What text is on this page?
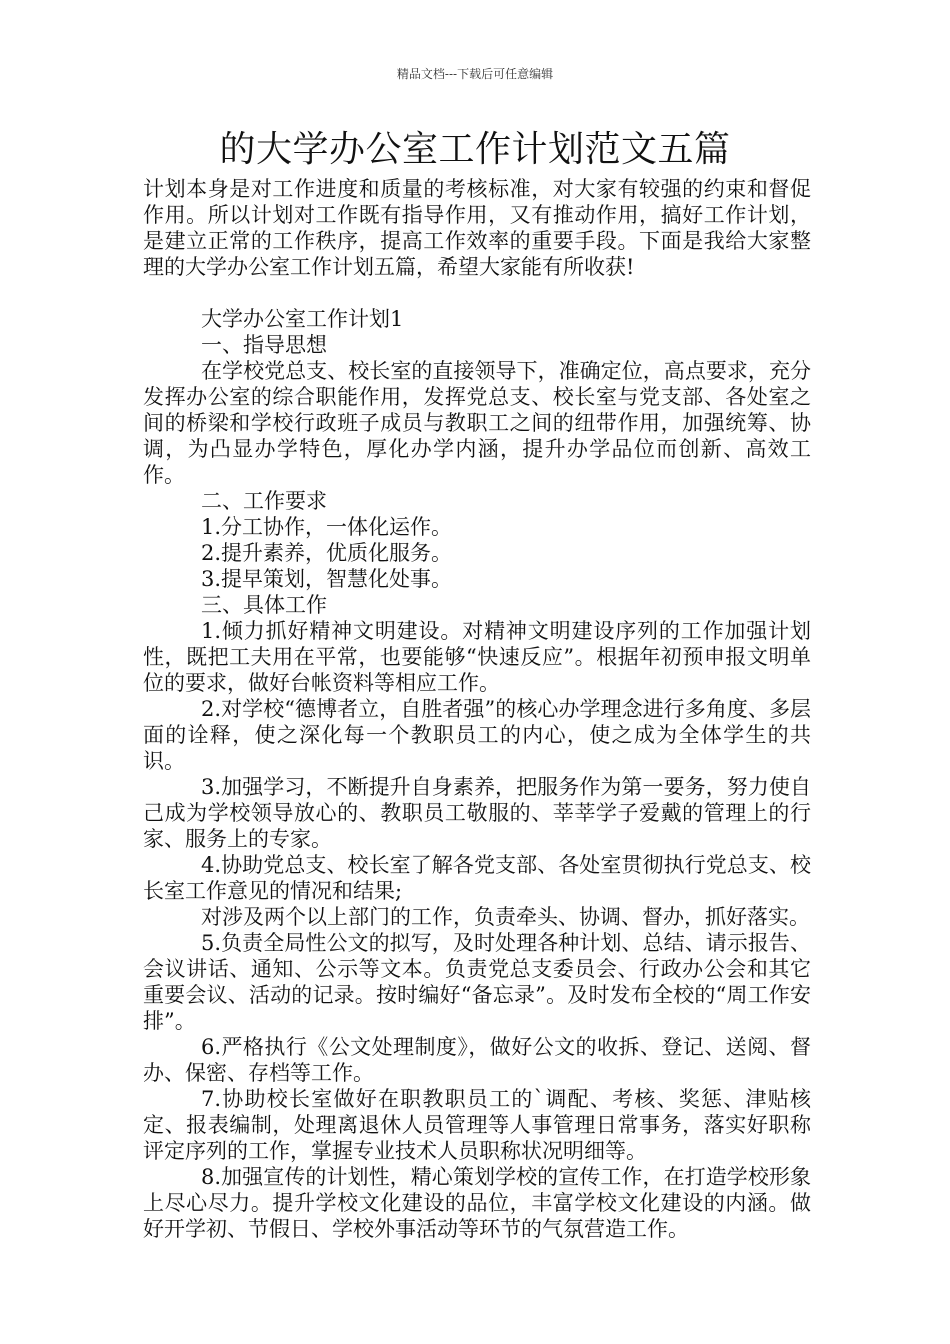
精品文档---下载后可任意编辑
的大学办公室工作计划范文五篇

计划本身是对工作进度和质量的考核标准，对大家有较强的约束和督促作用。所以计划对工作既有指导作用，又有推动作用，搞好工作计划，是建立正常的工作秩序，提高工作效率的重要手段。下面是我给大家整理的大学办公室工作计划五篇，希望大家能有所收获!

大学办公室工作计划1

一、指导思想

在学校党总支、校长室的直接领导下，准确定位，高点要求，充分发挥办公室的综合职能作用，发挥党总支、校长室与党支部、各处室之间的桥梁和学校行政班子成员与教职工之间的纽带作用，加强统筹、协调，为凸显办学特色，厚化办学内涵，提升办学品位而创新、高效工作。

二、工作要求

1.分工协作，一体化运作。

2.提升素养，优质化服务。

3.提早策划，智慧化处事。

三、具体工作

1.倾力抓好精神文明建设。对精神文明建设序列的工作加强计划性，既把工夫用在平常，也要能够“快速反应”。根据年初预申报文明单位的要求，做好台帐资料等相应工作。

2.对学校“德博者立，自胜者强”的核心办学理念进行多角度、多层面的诠释，使之深化每一个教职员工的内心，使之成为全体学生的共识。

3.加强学习，不断提升自身素养，把服务作为第一要务，努力使自己成为学校领导放心的、教职员工敬服的、莘莘学子爱戴的管理上的行家、服务上的专家。

4.协助党总支、校长室了解各党支部、各处室贯彻执行党总支、校长室工作意见的情况和结果;

对涉及两个以上部门的工作，负责牵头、协调、督办，抓好落实。

5.负责全局性公文的拟写，及时处理各种计划、总结、请示报告、会议讲话、通知、公示等文本。负责党总支委员会、行政办公会和其它重要会议、活动的记录。按时编好“备忘录”。及时发布全校的“周工作安排”。

6.严格执行《公文处理制度》，做好公文的收拆、登记、送阅、督办、保密、存档等工作。

7.协助校长室做好在职教职员工的`调配、考核、奖惩、津贴核定、报表编制，处理离退休人员管理等人事管理日常事务，落实好职称评定序列的工作，掌握专业技术人员职称状况明细等。

8.加强宣传的计划性，精心策划学校的宣传工作，在打造学校形象上尽心尽力。提升学校文化建设的品位，丰富学校文化建设的内涵。做好开学初、节假日、学校外事活动等环节的气氛营造工作。
